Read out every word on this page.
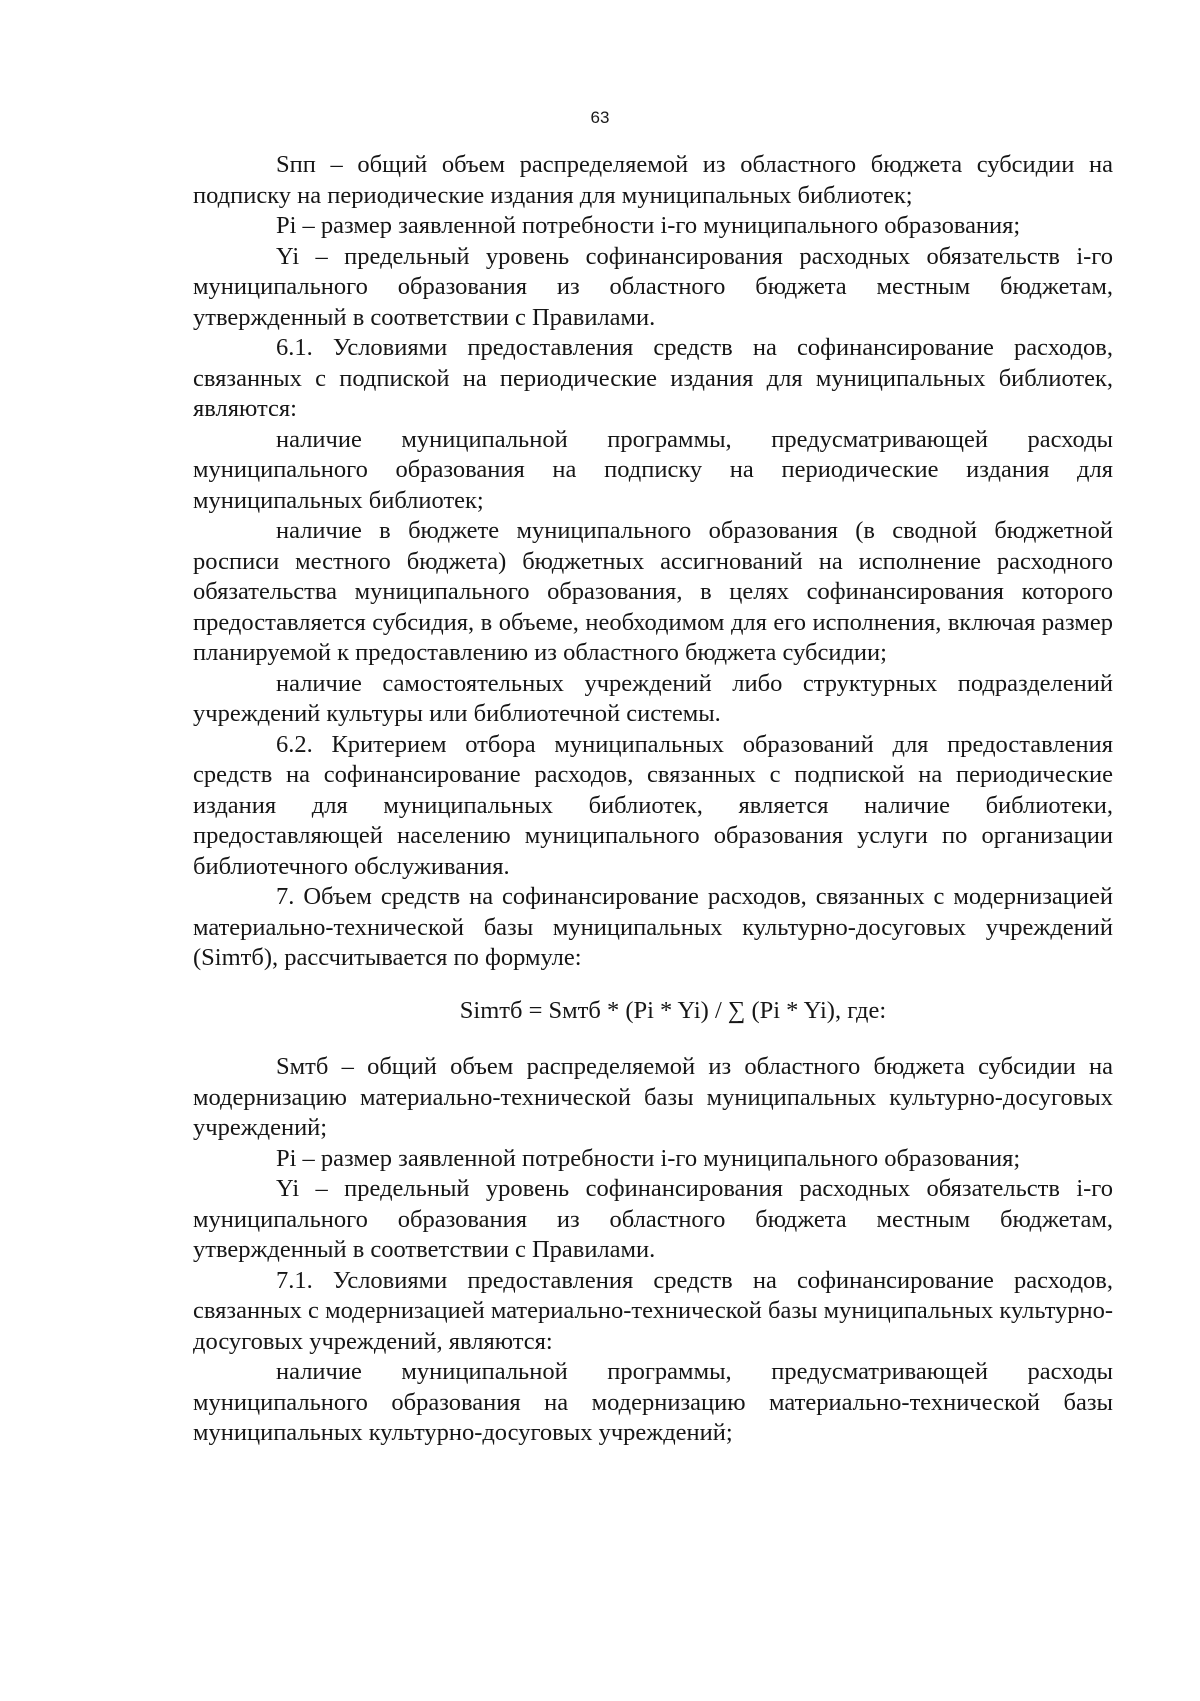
63

Sпп – общий объем распределяемой из областного бюджета субсидии на подписку на периодические издания для муниципальных библиотек;

Pi – размер заявленной потребности i-го муниципального образования;

Yi – предельный уровень софинансирования расходных обязательств i-го муниципального образования из областного бюджета местным бюджетам, утвержденный в соответствии с Правилами.

6.1. Условиями предоставления средств на софинансирование расходов, связанных с подпиской на периодические издания для муниципальных библиотек, являются:

наличие муниципальной программы, предусматривающей расходы муниципального образования на подписку на периодические издания для муниципальных библиотек;

наличие в бюджете муниципального образования (в сводной бюджетной росписи местного бюджета) бюджетных ассигнований на исполнение расходного обязательства муниципального образования, в целях софинансирования которого предоставляется субсидия, в объеме, необходимом для его исполнения, включая размер планируемой к предоставлению из областного бюджета субсидии;

наличие самостоятельных учреждений либо структурных подразделений учреждений культуры или библиотечной системы.

6.2. Критерием отбора муниципальных образований для предоставления средств на софинансирование расходов, связанных с подпиской на периодические издания для муниципальных библиотек, является наличие библиотеки, предоставляющей населению муниципального образования услуги по организации библиотечного обслуживания.

7. Объем средств на софинансирование расходов, связанных с модернизацией материально-технической базы муниципальных культурно-досуговых учреждений (Simтб), рассчитывается по формуле:

Simтб = Sмтб * (Pi * Yi) / ∑ (Pi * Yi), где:

Sмтб – общий объем распределяемой из областного бюджета субсидии на модернизацию материально-технической базы муниципальных культурно-досуговых учреждений;

Pi – размер заявленной потребности i-го муниципального образования;

Yi – предельный уровень софинансирования расходных обязательств i-го муниципального образования из областного бюджета местным бюджетам, утвержденный в соответствии с Правилами.

7.1. Условиями предоставления средств на софинансирование расходов, связанных с модернизацией материально-технической базы муниципальных культурно-досуговых учреждений, являются:

наличие муниципальной программы, предусматривающей расходы муниципального образования на модернизацию материально-технической базы муниципальных культурно-досуговых учреждений;
